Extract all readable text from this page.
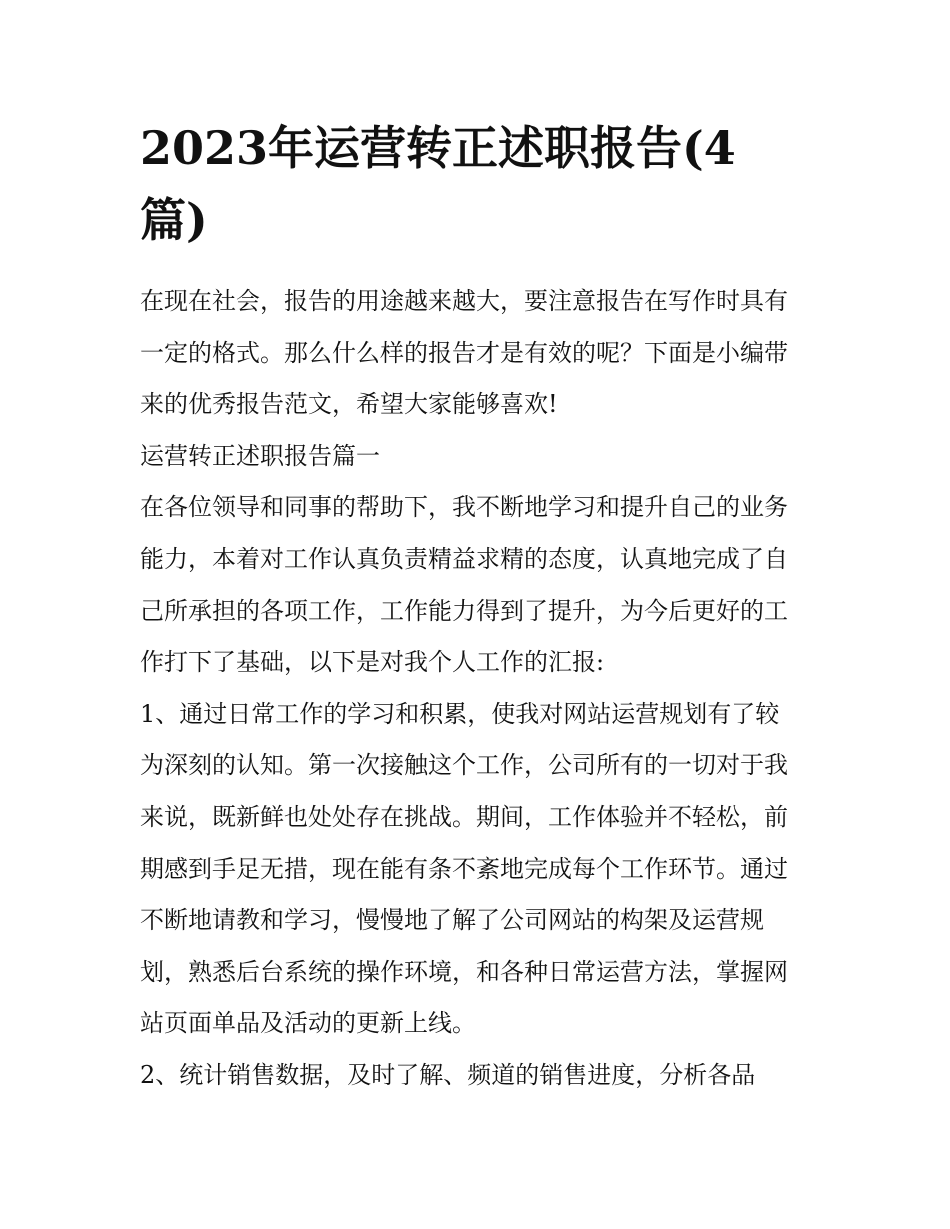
2023年运营转正述职报告(4
篇)
在现在社会，报告的用途越来越大，要注意报告在写作时具有
一定的格式。那么什么样的报告才是有效的呢？下面是小编带
来的优秀报告范文，希望大家能够喜欢!
运营转正述职报告篇一
在各位领导和同事的帮助下，我不断地学习和提升自己的业务
能力，本着对工作认真负责精益求精的态度，认真地完成了自
己所承担的各项工作，工作能力得到了提升，为今后更好的工
作打下了基础，以下是对我个人工作的汇报:
1、通过日常工作的学习和积累，使我对网站运营规划有了较
为深刻的认知。第一次接触这个工作，公司所有的一切对于我
来说，既新鲜也处处存在挑战。期间，工作体验并不轻松，前
期感到手足无措，现在能有条不紊地完成每个工作环节。通过
不断地请教和学习，慢慢地了解了公司网站的构架及运营规
划，熟悉后台系统的操作环境，和各种日常运营方法，掌握网
站页面单品及活动的更新上线。
2、统计销售数据，及时了解、频道的销售进度，分析各品
